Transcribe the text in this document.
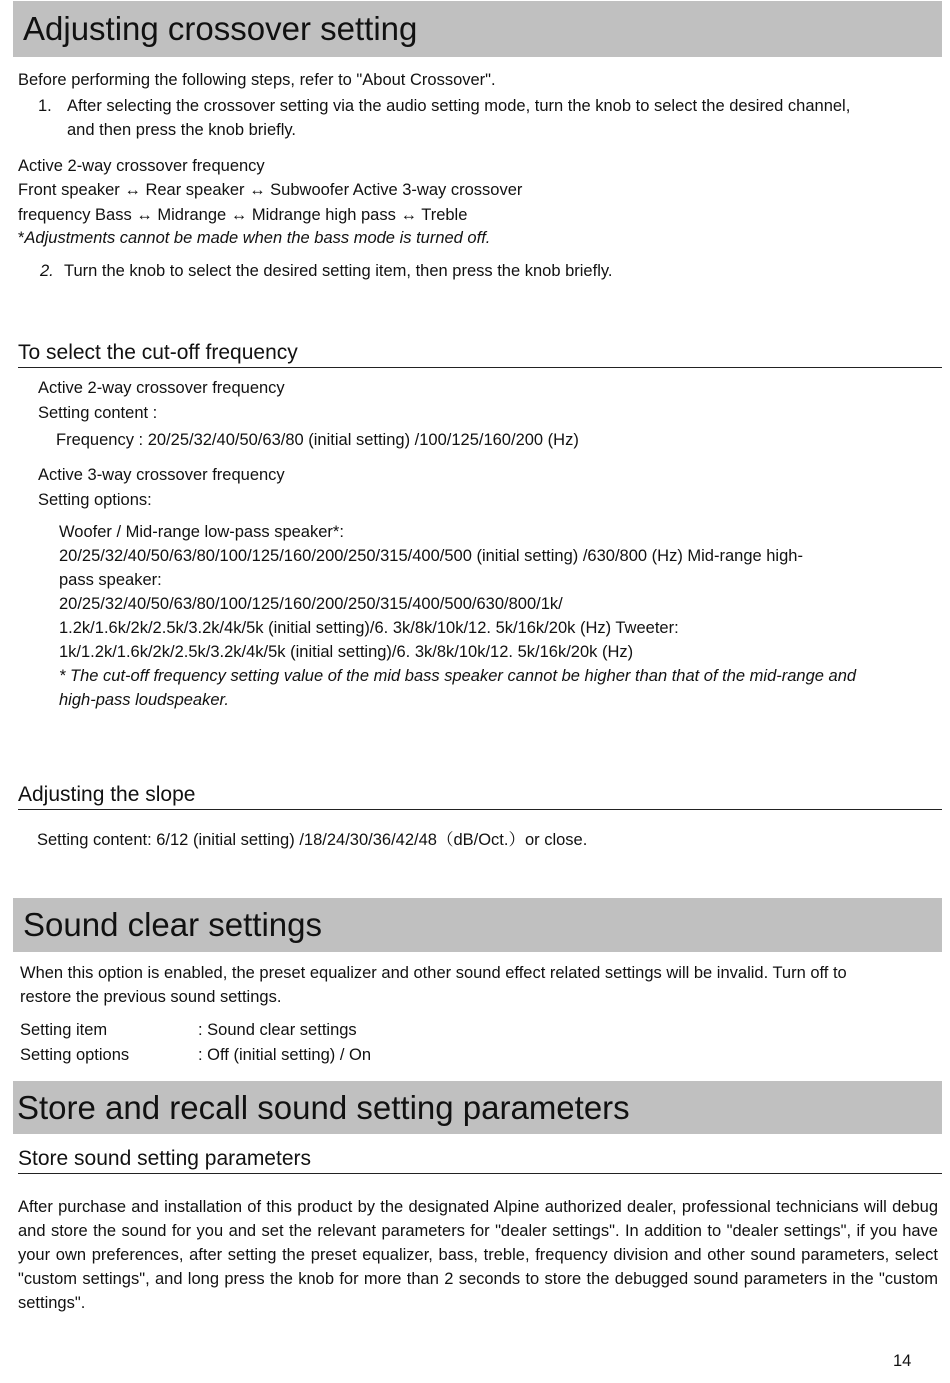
Adjusting crossover setting
Before performing the following steps, refer to "About Crossover".
1. After selecting the crossover setting via the audio setting mode, turn the knob to select the desired channel,
and then press the knob briefly.
Active 2-way crossover frequency
Front speaker ↔ Rear speaker ↔ Subwoofer Active 3-way crossover
frequency Bass ↔ Midrange ↔ Midrange high pass ↔ Treble
*Adjustments cannot be made when the bass mode is turned off.
2. Turn the knob to select the desired setting item, then press the knob briefly.
To select the cut-off frequency
Active 2-way crossover frequency
Setting content :
Frequency : 20/25/32/40/50/63/80 (initial setting) /100/125/160/200 (Hz)
Active 3-way crossover frequency
Setting options:
Woofer / Mid-range low-pass speaker*:
20/25/32/40/50/63/80/100/125/160/200/250/315/400/500 (initial setting) /630/800 (Hz) Mid-range high-
pass speaker:
20/25/32/40/50/63/80/100/125/160/200/250/315/400/500/630/800/1k/
1.2k/1.6k/2k/2.5k/3.2k/4k/5k (initial setting)/6. 3k/8k/10k/12. 5k/16k/20k (Hz) Tweeter:
1k/1.2k/1.6k/2k/2.5k/3.2k/4k/5k (initial setting)/6. 3k/8k/10k/12. 5k/16k/20k (Hz)
* The cut-off frequency setting value of the mid bass speaker cannot be higher than that of the mid-range and
high-pass loudspeaker.
Adjusting the slope
Setting content: 6/12 (initial setting) /18/24/30/36/42/48（dB/Oct.）or close.
Sound clear settings
When this option is enabled, the preset equalizer and other sound effect related settings will be invalid. Turn off to
restore the previous sound settings.
Setting item	: Sound clear settings
Setting options	: Off (initial setting) / On
Store and recall sound setting parameters
Store sound setting parameters
After purchase and installation of this product by the designated Alpine authorized dealer, professional technicians will debug and store the sound for you and set the relevant parameters for "dealer settings". In addition to "dealer settings", if you have your own preferences, after setting the preset equalizer, bass, treble, frequency division and other sound parameters, select "custom settings", and long press the knob for more than 2 seconds to store the debugged sound parameters in the "custom settings".
14
